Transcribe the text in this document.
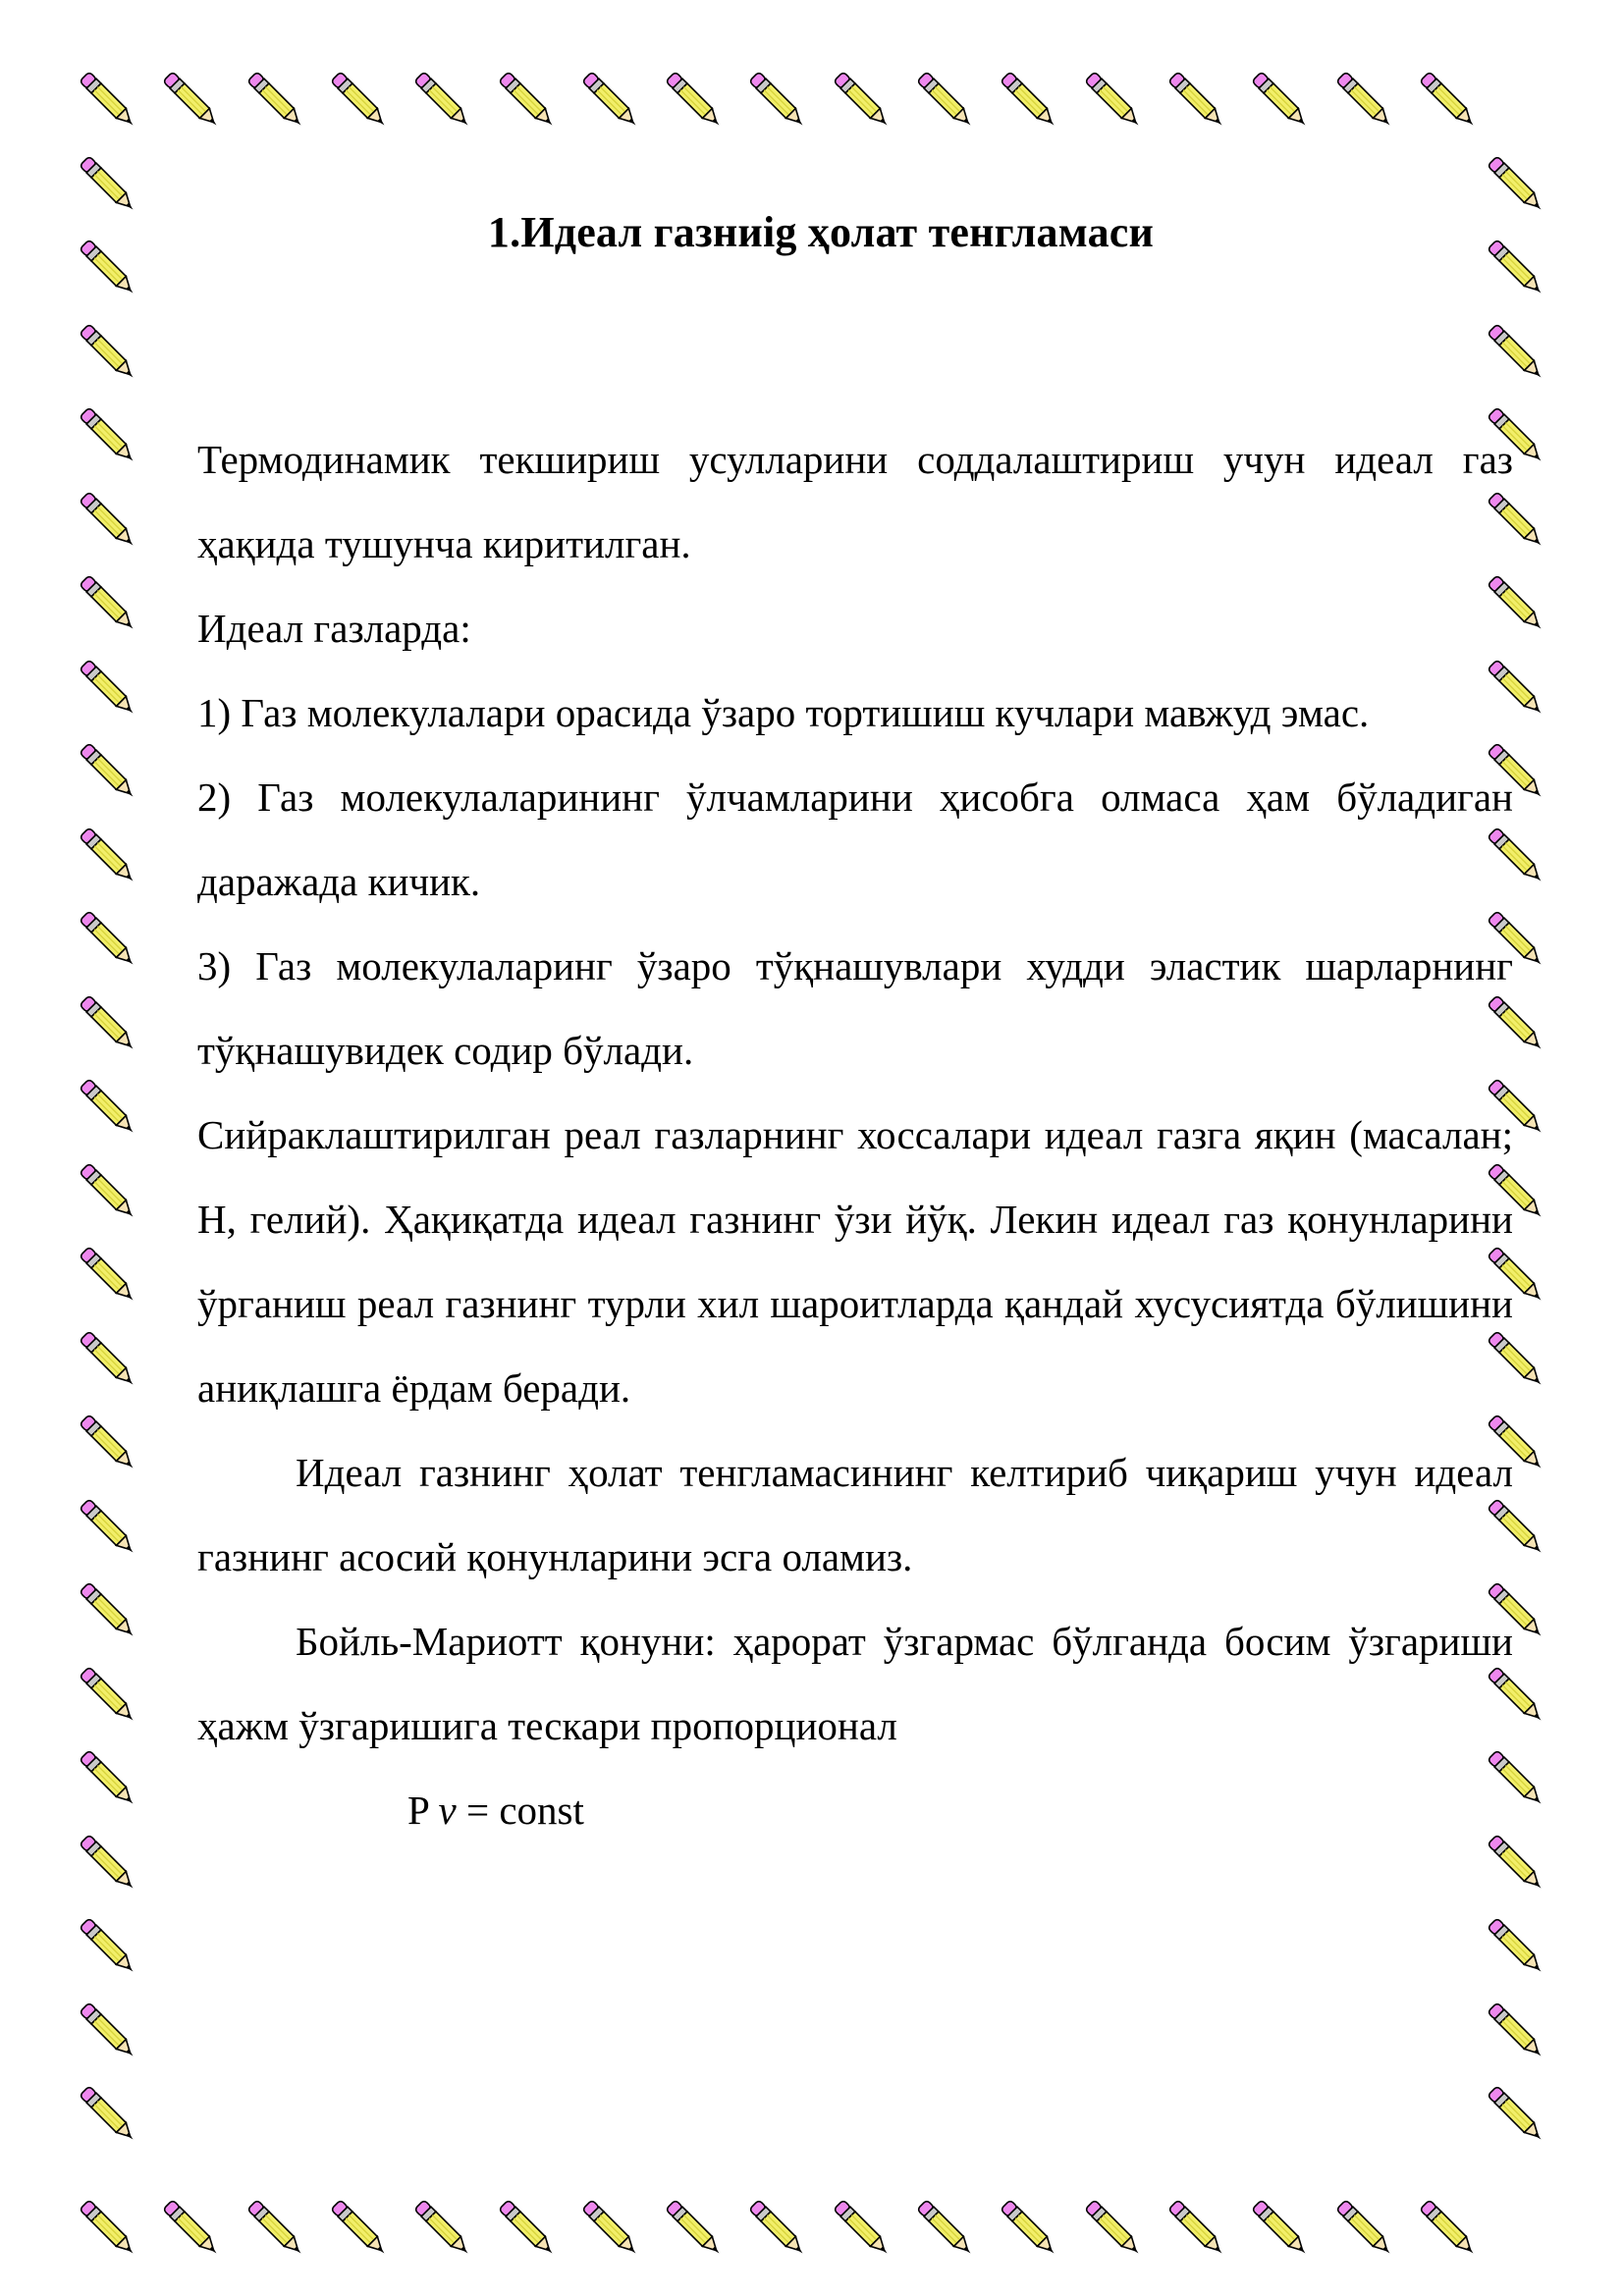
1.Идеал газниig ҳолат тенгламаси

Термодинамик текшириш усулларини соддалаштириш учун идеал газ ҳақида тушунча киритилган.

Идеал газларда:

1) Газ молекулалари орасида ўзаро тортишиш кучлари мавжуд эмас.

2) Газ молекулаларининг ўлчамларини ҳисобга олмаса ҳам бўладиган даражада кичик.

3) Газ молекулаларинг ўзаро тўқнашувлари худди эластик шарларнинг тўқнашувидек содир бўлади.

Сийраклаштирилган реал газларнинг хоссалари идеал газга яқин (масалан; Н, гелий). Ҳақиқатда идеал газнинг ўзи йўқ. Лекин идеал газ қонунларини ўрганиш реал газнинг турли хил шароитларда қандай хусусиятда бўлишини аниқлашга ёрдам беради.

Идеал газнинг ҳолат тенгламасининг келтириб чиқариш учун идеал газнинг асосий қонунларини эсга оламиз.

Бойль-Мариотт қонуни: ҳарорат ўзгармас бўлганда босим ўзгариши ҳажм ўзгаришига тескари пропорционал

P v = const
